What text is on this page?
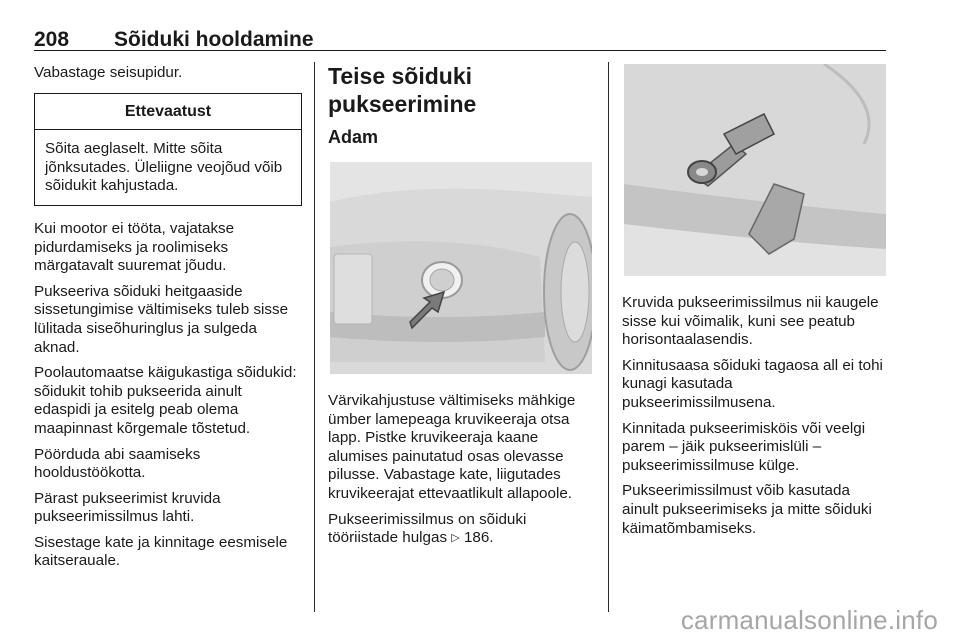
208 Sõiduki hooldamine

Vabastage seisupidur.

Ettevaatust
Sõita aeglaselt. Mitte sõita jõnksutades. Üleliigne veojõud võib sõidukit kahjustada.

Kui mootor ei tööta, vajatakse pidurdamiseks ja roolimiseks märgatavalt suuremat jõudu.

Pukseeriva sõiduki heitgaaside sissetungimise vältimiseks tuleb sisse lülitada siseõhuringlus ja sulgeda aknad.

Poolautomaatse käigukastiga sõidukid: sõidukit tohib pukseerida ainult edaspidi ja esitelg peab olema maapinnast kõrgemale tõstetud.

Pöörduda abi saamiseks hooldustöökotta.

Pärast pukseerimist kruvida pukseerimissilmus lahti.

Sisestage kate ja kinnitage eesmisele kaitserauale.

Teise sõiduki pukseerimine
Adam

Värvikahjustuse vältimiseks mähkige ümber lamepeaga kruvikeeraja otsa lapp. Pistke kruvikeeraja kaane alumises painutatud osas olevasse pilusse. Vabastage kate, liigutades kruvikeerajat ettevaatlikult allapoole.

Pukseerimissilmus on sõiduki tööriistade hulgas ▷ 186.

Kruvida pukseerimissilmus nii kaugele sisse kui võimalik, kuni see peatub horisontaalasendis.

Kinnitusaasa sõiduki tagaosa all ei tohi kunagi kasutada pukseerimissilmusena.

Kinnitada pukseerimisköis või veelgi parem – jäik pukseerimislüli – pukseerimissilmuse külge.

Pukseerimissilmust võib kasutada ainult pukseerimiseks ja mitte sõiduki käimatõmbamiseks.

carmanualsonline.info
